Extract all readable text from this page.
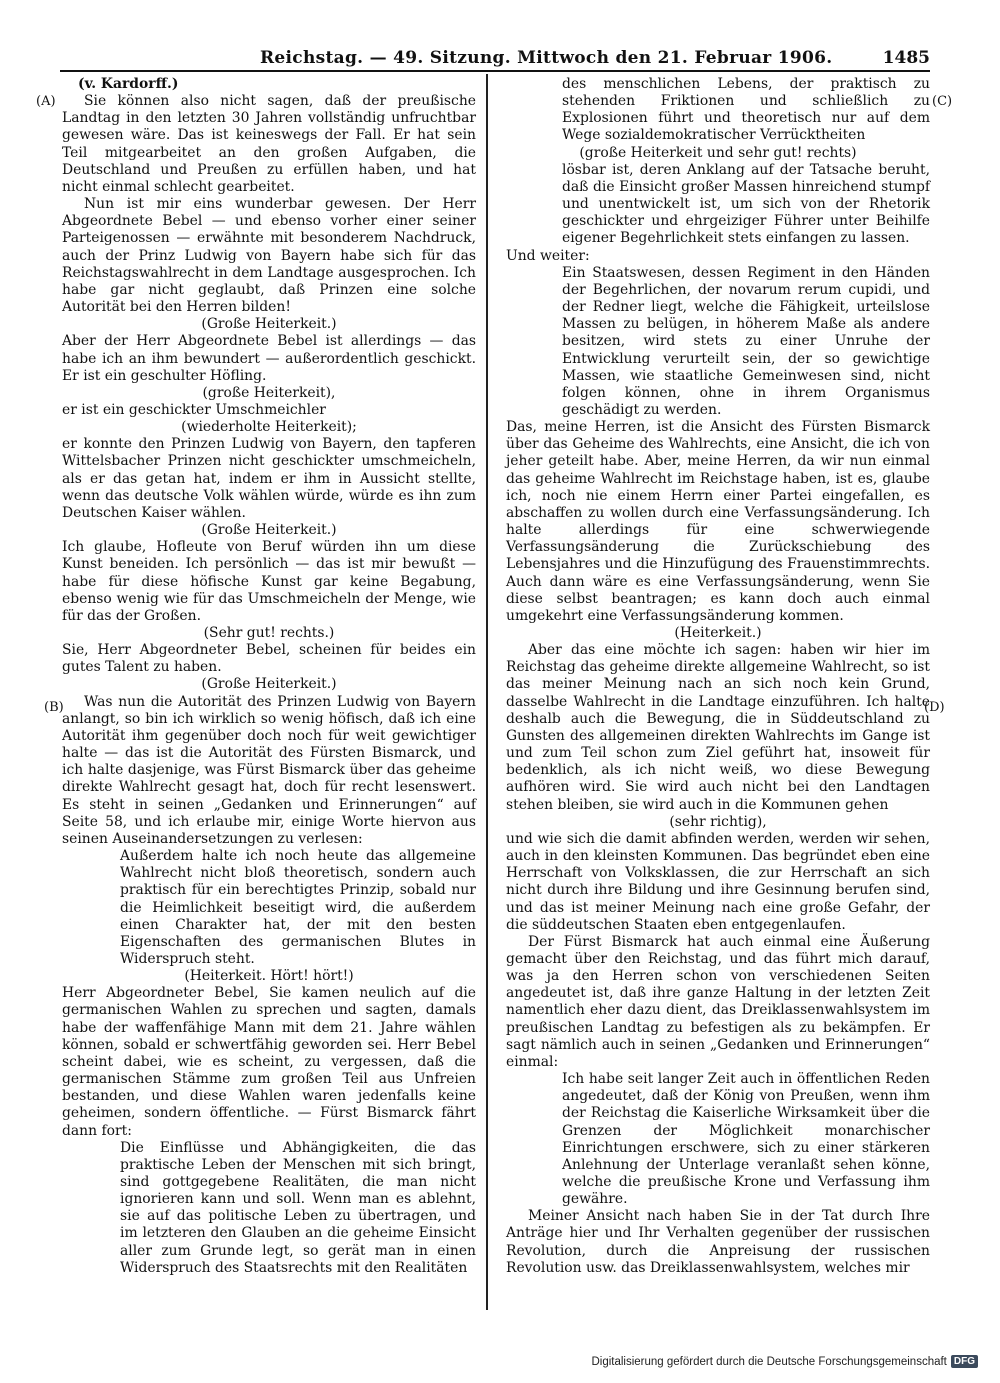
Reichstag. — 49. Sitzung. Mittwoch den 21. Februar 1906.	1485
(A)
(B)
(C)
(D)

(v. Kardorff.)

Sie können also nicht sagen, daß der preußische Landtag in den letzten 30 Jahren vollständig unfruchtbar gewesen wäre. Das ist keineswegs der Fall. Er hat sein Teil mitgearbeitet an den großen Aufgaben, die Deutschland und Preußen zu erfüllen haben, und hat nicht einmal schlecht gearbeitet.

Nun ist mir eins wunderbar gewesen. Der Herr Abgeordnete Bebel — und ebenso vorher einer seiner Parteigenossen — erwähnte mit besonderem Nachdruck, auch der Prinz Ludwig von Bayern habe sich für das Reichstagswahlrecht in dem Landtage ausgesprochen. Ich habe gar nicht geglaubt, daß Prinzen eine solche Autorität bei den Herren bilden!

(Große Heiterkeit.)

Aber der Herr Abgeordnete Bebel ist allerdings — das habe ich an ihm bewundert — außerordentlich geschickt. Er ist ein geschulter Höfling.

(große Heiterkeit),

er ist ein geschickter Umschmeichler

(wiederholte Heiterkeit);

er konnte den Prinzen Ludwig von Bayern, den tapferen Wittelsbacher Prinzen nicht geschickter umschmeicheln, als er das getan hat, indem er ihm in Aussicht stellte, wenn das deutsche Volk wählen würde, würde es ihn zum Deutschen Kaiser wählen.

(Große Heiterkeit.)

Ich glaube, Hofleute von Beruf würden ihn um diese Kunst beneiden. Ich persönlich — das ist mir bewußt — habe für diese höfische Kunst gar keine Begabung, ebenso wenig wie für das Umschmeicheln der Menge, wie für das der Großen.

(Sehr gut! rechts.)

Sie, Herr Abgeordneter Bebel, scheinen für beides ein gutes Talent zu haben.

(Große Heiterkeit.)

Was nun die Autorität des Prinzen Ludwig von Bayern anlangt, so bin ich wirklich so wenig höfisch, daß ich eine Autorität ihm gegenüber doch noch für weit gewichtiger halte — das ist die Autorität des Fürsten Bismarck, und ich halte dasjenige, was Fürst Bismarck über das geheime direkte Wahlrecht gesagt hat, doch für recht lesenswert. Es steht in seinen „Gedanken und Erinnerungen“ auf Seite 58, und ich erlaube mir, einige Worte hiervon aus seinen Auseinandersetzungen zu verlesen:

Außerdem halte ich noch heute das allgemeine Wahlrecht nicht bloß theoretisch, sondern auch praktisch für ein berechtigtes Prinzip, sobald nur die Heimlichkeit beseitigt wird, die außerdem einen Charakter hat, der mit den besten Eigenschaften des germanischen Blutes in Widerspruch steht.

(Heiterkeit. Hört! hört!)

Herr Abgeordneter Bebel, Sie kamen neulich auf die germanischen Wahlen zu sprechen und sagten, damals habe der waffenfähige Mann mit dem 21. Jahre wählen können, sobald er schwertfähig geworden sei. Herr Bebel scheint dabei, wie es scheint, zu vergessen, daß die germanischen Stämme zum großen Teil aus Unfreien bestanden, und diese Wahlen waren jedenfalls keine geheimen, sondern öffentliche. — Fürst Bismarck fährt dann fort:

Die Einflüsse und Abhängigkeiten, die das praktische Leben der Menschen mit sich bringt, sind gottgegebene Realitäten, die man nicht ignorieren kann und soll. Wenn man es ablehnt, sie auf das politische Leben zu übertragen, und im letzteren den Glauben an die geheime Einsicht aller zum Grunde legt, so gerät man in einen Widerspruch des Staatsrechts mit den Realitäten

des menschlichen Lebens, der praktisch zu stehenden Friktionen und schließlich zu Explosionen führt und theoretisch nur auf dem Wege sozialdemokratischer Verrücktheiten

(große Heiterkeit und sehr gut! rechts)

lösbar ist, deren Anklang auf der Tatsache beruht, daß die Einsicht großer Massen hinreichend stumpf und unentwickelt ist, um sich von der Rhetorik geschickter und ehrgeiziger Führer unter Beihilfe eigener Begehrlichkeit stets einfangen zu lassen.

Und weiter:

Ein Staatswesen, dessen Regiment in den Händen der Begehrlichen, der novarum rerum cupidi, und der Redner liegt, welche die Fähigkeit, urteilslose Massen zu belügen, in höherem Maße als andere besitzen, wird stets zu einer Unruhe der Entwicklung verurteilt sein, der so gewichtige Massen, wie staatliche Gemeinwesen sind, nicht folgen können, ohne in ihrem Organismus geschädigt zu werden.

Das, meine Herren, ist die Ansicht des Fürsten Bismarck über das Geheime des Wahlrechts, eine Ansicht, die ich von jeher geteilt habe. Aber, meine Herren, da wir nun einmal das geheime Wahlrecht im Reichstage haben, ist es, glaube ich, noch nie einem Herrn einer Partei eingefallen, es abschaffen zu wollen durch eine Verfassungsänderung. Ich halte allerdings für eine schwerwiegende Verfassungsänderung die Zurückschiebung des Lebensjahres und die Hinzufügung des Frauenstimmrechts. Auch dann wäre es eine Verfassungsänderung, wenn Sie diese selbst beantragen; es kann doch auch einmal umgekehrt eine Verfassungsänderung kommen.

(Heiterkeit.)

Aber das eine möchte ich sagen: haben wir hier im Reichstag das geheime direkte allgemeine Wahlrecht, so ist das meiner Meinung nach an sich noch kein Grund, dasselbe Wahlrecht in die Landtage einzuführen. Ich halte deshalb auch die Bewegung, die in Süddeutschland zu Gunsten des allgemeinen direkten Wahlrechts im Gange ist und zum Teil schon zum Ziel geführt hat, insoweit für bedenklich, als ich nicht weiß, wo diese Bewegung aufhören wird. Sie wird auch nicht bei den Landtagen stehen bleiben, sie wird auch in die Kommunen gehen

(sehr richtig),

und wie sich die damit abfinden werden, werden wir sehen, auch in den kleinsten Kommunen. Das begründet eben eine Herrschaft von Volksklassen, die zur Herrschaft an sich nicht durch ihre Bildung und ihre Gesinnung berufen sind, und das ist meiner Meinung nach eine große Gefahr, der die süddeutschen Staaten eben entgegenlaufen.

Der Fürst Bismarck hat auch einmal eine Äußerung gemacht über den Reichstag, und das führt mich darauf, was ja den Herren schon von verschiedenen Seiten angedeutet ist, daß ihre ganze Haltung in der letzten Zeit namentlich eher dazu dient, das Dreiklassenwahlsystem im preußischen Landtag zu befestigen als zu bekämpfen. Er sagt nämlich auch in seinen „Gedanken und Erinnerungen“ einmal:

Ich habe seit langer Zeit auch in öffentlichen Reden angedeutet, daß der König von Preußen, wenn ihm der Reichstag die Kaiserliche Wirksamkeit über die Grenzen der Möglichkeit monarchischer Einrichtungen erschwere, sich zu einer stärkeren Anlehnung der Unterlage veranlaßt sehen könne, welche die preußische Krone und Verfassung ihm gewähre.

Meiner Ansicht nach haben Sie in der Tat durch Ihre Anträge hier und Ihr Verhalten gegenüber der russischen Revolution, durch die Anpreisung der russischen Revolution usw. das Dreiklassenwahlsystem, welches mir

Digitalisierung gefördert durch die Deutsche Forschungsgemeinschaft DFG
